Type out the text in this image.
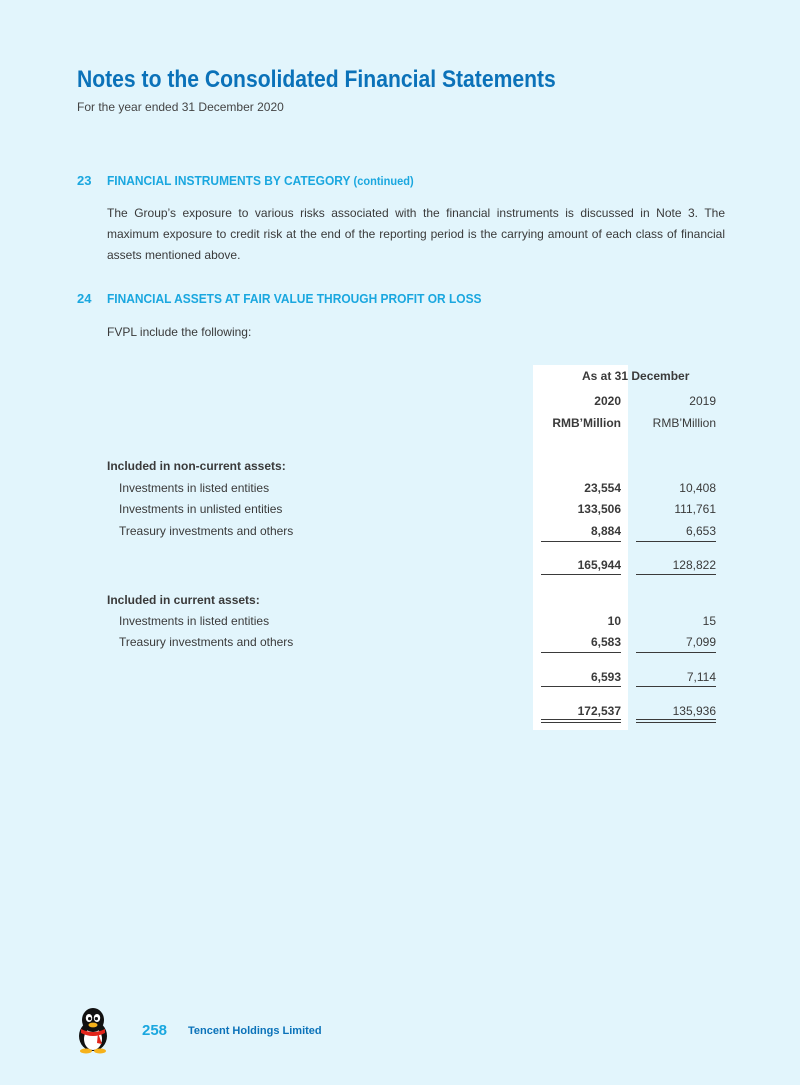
Notes to the Consolidated Financial Statements
For the year ended 31 December 2020
23 FINANCIAL INSTRUMENTS BY CATEGORY (continued)
The Group’s exposure to various risks associated with the financial instruments is discussed in Note 3. The maximum exposure to credit risk at the end of the reporting period is the carrying amount of each class of financial assets mentioned above.
24 FINANCIAL ASSETS AT FAIR VALUE THROUGH PROFIT OR LOSS
FVPL include the following:
As at 31 December
2020	2019
RMB’Million	RMB’Million
Included in non-current assets:
Investments in listed entities	23,554	10,408
Investments in unlisted entities	133,506	111,761
Treasury investments and others	8,884	6,653
165,944	128,822
Included in current assets:
Investments in listed entities	10	15
Treasury investments and others	6,583	7,099
6,593	7,114
172,537	135,936
258 Tencent Holdings Limited
